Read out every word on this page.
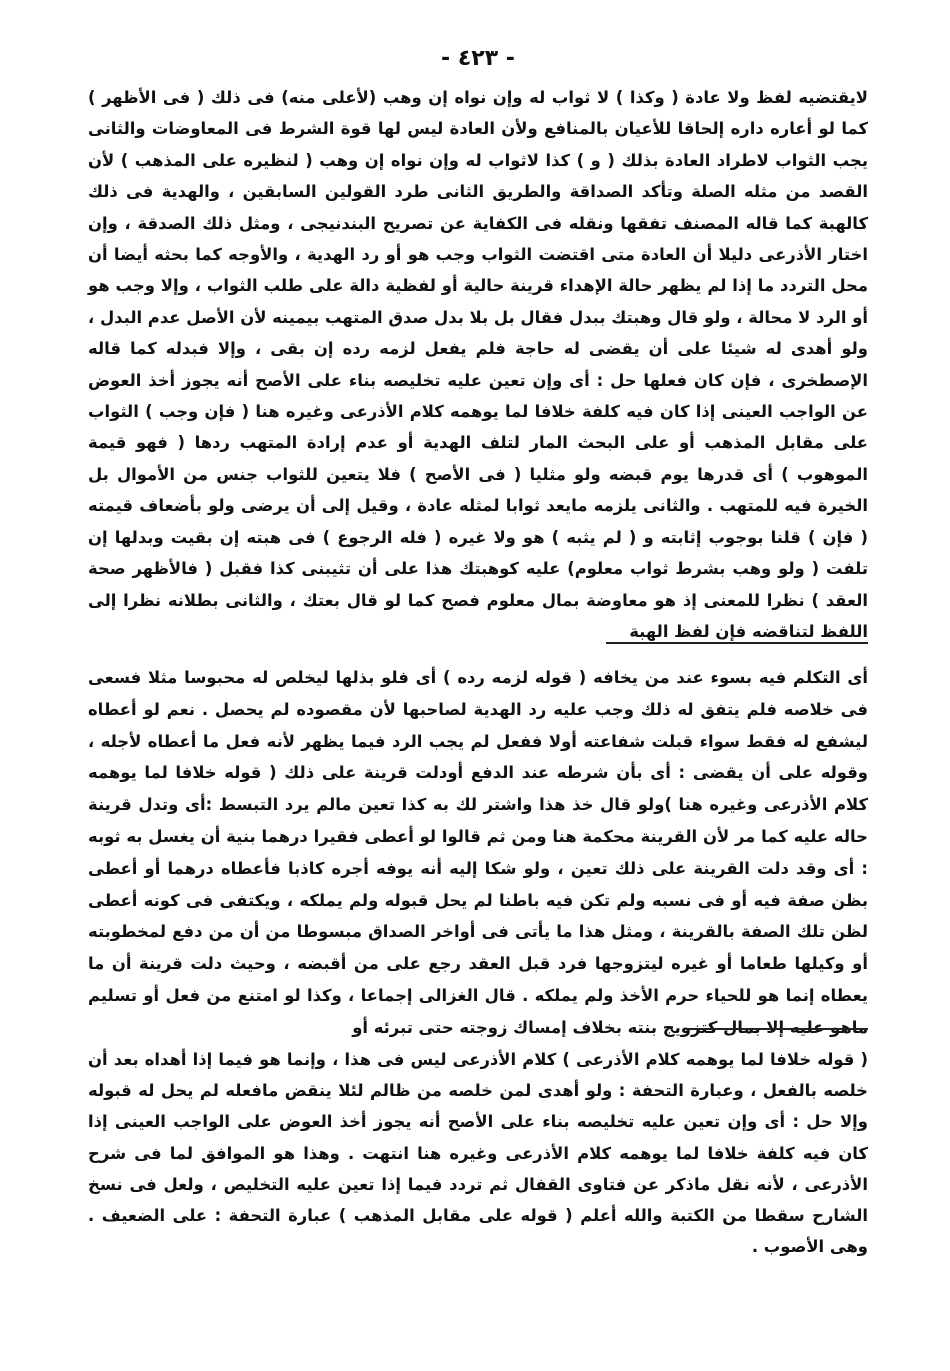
- ٤٢٣ -

لايقتضيه لفظ ولا عادة ( وكذا ) لا ثواب له وإن نواه إن وهب (لأعلى منه) فى ذلك ( فى الأظهر ) كما لو أعاره داره إلحاقا للأعيان بالمنافع ولأن العادة ليس لها قوة الشرط فى المعاوضات والثانى يجب الثواب لاطراد العادة بذلك ( و ) كذا لاثواب له وإن نواه إن وهب ( لنظيره على المذهب ) لأن القصد من مثله الصلة وتأكد الصداقة والطريق الثانى طرد القولين السابقين ، والهدية فى ذلك كالهبة كما قاله المصنف تفقها ونقله فى الكفاية عن تصريح البندنيجى ، ومثل ذلك الصدقة ، وإن اختار الأذرعى دليلا أن العادة متى اقتضت الثواب وجب هو أو رد الهدية ، والأوجه كما بحثه أيضا أن محل التردد ما إذا لم يظهر حالة الإهداء قرينة حالية أو لفظية دالة على طلب الثواب ، وإلا وجب هو أو الرد لا محالة ، ولو قال وهبتك ببدل فقال بل بلا بدل صدق المتهب بيمينه لأن الأصل عدم البدل ، ولو أهدى له شيئا على أن يقضى له حاجة فلم يفعل لزمه رده إن بقى ، وإلا فبدله كما قاله الإصطخرى ، فإن كان فعلها حل : أى وإن تعين عليه تخليصه بناء على الأصح أنه يجوز أخذ العوض عن الواجب العينى إذا كان فيه كلفة خلافا لما يوهمه كلام الأذرعى وغيره هنا ( فإن وجب ) الثواب على مقابل المذهب أو على البحث المار لتلف الهدية أو عدم إرادة المتهب ردها ( فهو قيمة الموهوب ) أى قدرها يوم قبضه ولو مثليا ( فى الأصح ) فلا يتعين للثواب جنس من الأموال بل الخيرة فيه للمتهب . والثانى يلزمه مايعد ثوابا لمثله عادة ، وقيل إلى أن يرضى ولو بأضعاف قيمته ( فإن ) قلنا بوجوب إثابته و ( لم يثبه ) هو ولا غيره ( فله الرجوع ) فى هبته إن بقيت وبدلها إن تلفت ( ولو وهب بشرط ثواب معلوم) عليه كوهبتك هذا على أن تثيبنى كذا فقبل ( فالأظهر صحة العقد ) نظرا للمعنى إذ هو معاوضة بمال معلوم فصح كما لو قال بعتك ، والثانى بطلانه نظرا إلى اللفظ لتناقضه فإن لفظ الهبة

أى التكلم فيه بسوء عند من يخافه ( قوله لزمه رده ) أى فلو بذلها ليخلص له محبوسا مثلا فسعى فى خلاصه فلم يتفق له ذلك وجب عليه رد الهدية لصاحبها لأن مقصوده لم يحصل . نعم لو أعطاه ليشفع له فقط سواء قبلت شفاعته أولا ففعل لم يجب الرد فيما يظهر لأنه فعل ما أعطاه لأجله ، وقوله على أن يقضى : أى بأن شرطه عند الدفع أودلت قرينة على ذلك ( قوله خلافا لما يوهمه كلام الأذرعى وغيره هنا )ولو قال خذ هذا واشتر لك به كذا تعين مالم يرد التبسط :أى وتدل قرينة حاله عليه كما مر لأن القرينة محكمة هنا ومن ثم قالوا لو أعطى فقيرا درهما بنية أن يغسل به ثوبه : أى وقد دلت القرينة على ذلك تعين ، ولو شكا إليه أنه يوفه أجره كاذبا فأعطاه درهما أو أعطى بظن صفة فيه أو فى نسبه ولم تكن فيه باطنا لم يحل قبوله ولم يملكه ، ويكتفى فى كونه أعطى لظن تلك الصفة بالقرينة ، ومثل هذا ما يأتى فى أواخر الصداق مبسوطا من أن من دفع لمخطوبته أو وكيلها طعاما أو غيره ليتزوجها فرد قبل العقد رجع على من أقبضه ، وحيث دلت قرينة أن ما يعطاه إنما هو للحياء حرم الأخذ ولم يملكه . قال الغزالى إجماعا ، وكذا لو امتنع من فعل أو تسليم ماهو عليه إلا بمال كتزويج بنته بخلاف إمساك زوجته حتى تبرئه أو

( قوله خلافا لما يوهمه كلام الأذرعى ) كلام الأذرعى ليس فى هذا ، وإنما هو فيما إذا أهداه بعد أن خلصه بالفعل ، وعبارة التحفة : ولو أهدى لمن خلصه من ظالم لئلا ينقض مافعله لم يحل له قبوله وإلا حل : أى وإن تعين عليه تخليصه بناء على الأصح أنه يجوز أخذ العوض على الواجب العينى إذا كان فيه كلفة خلافا لما يوهمه كلام الأذرعى وغيره هنا انتهت . وهذا هو الموافق لما فى شرح الأذرعى ، لأنه نقل ماذكر عن فتاوى القفال ثم تردد فيما إذا تعين عليه التخليص ، ولعل فى نسخ الشارح سقطا من الكتبة والله أعلم ( قوله على مقابل المذهب ) عبارة التحفة : على الضعيف . وهى الأصوب .
